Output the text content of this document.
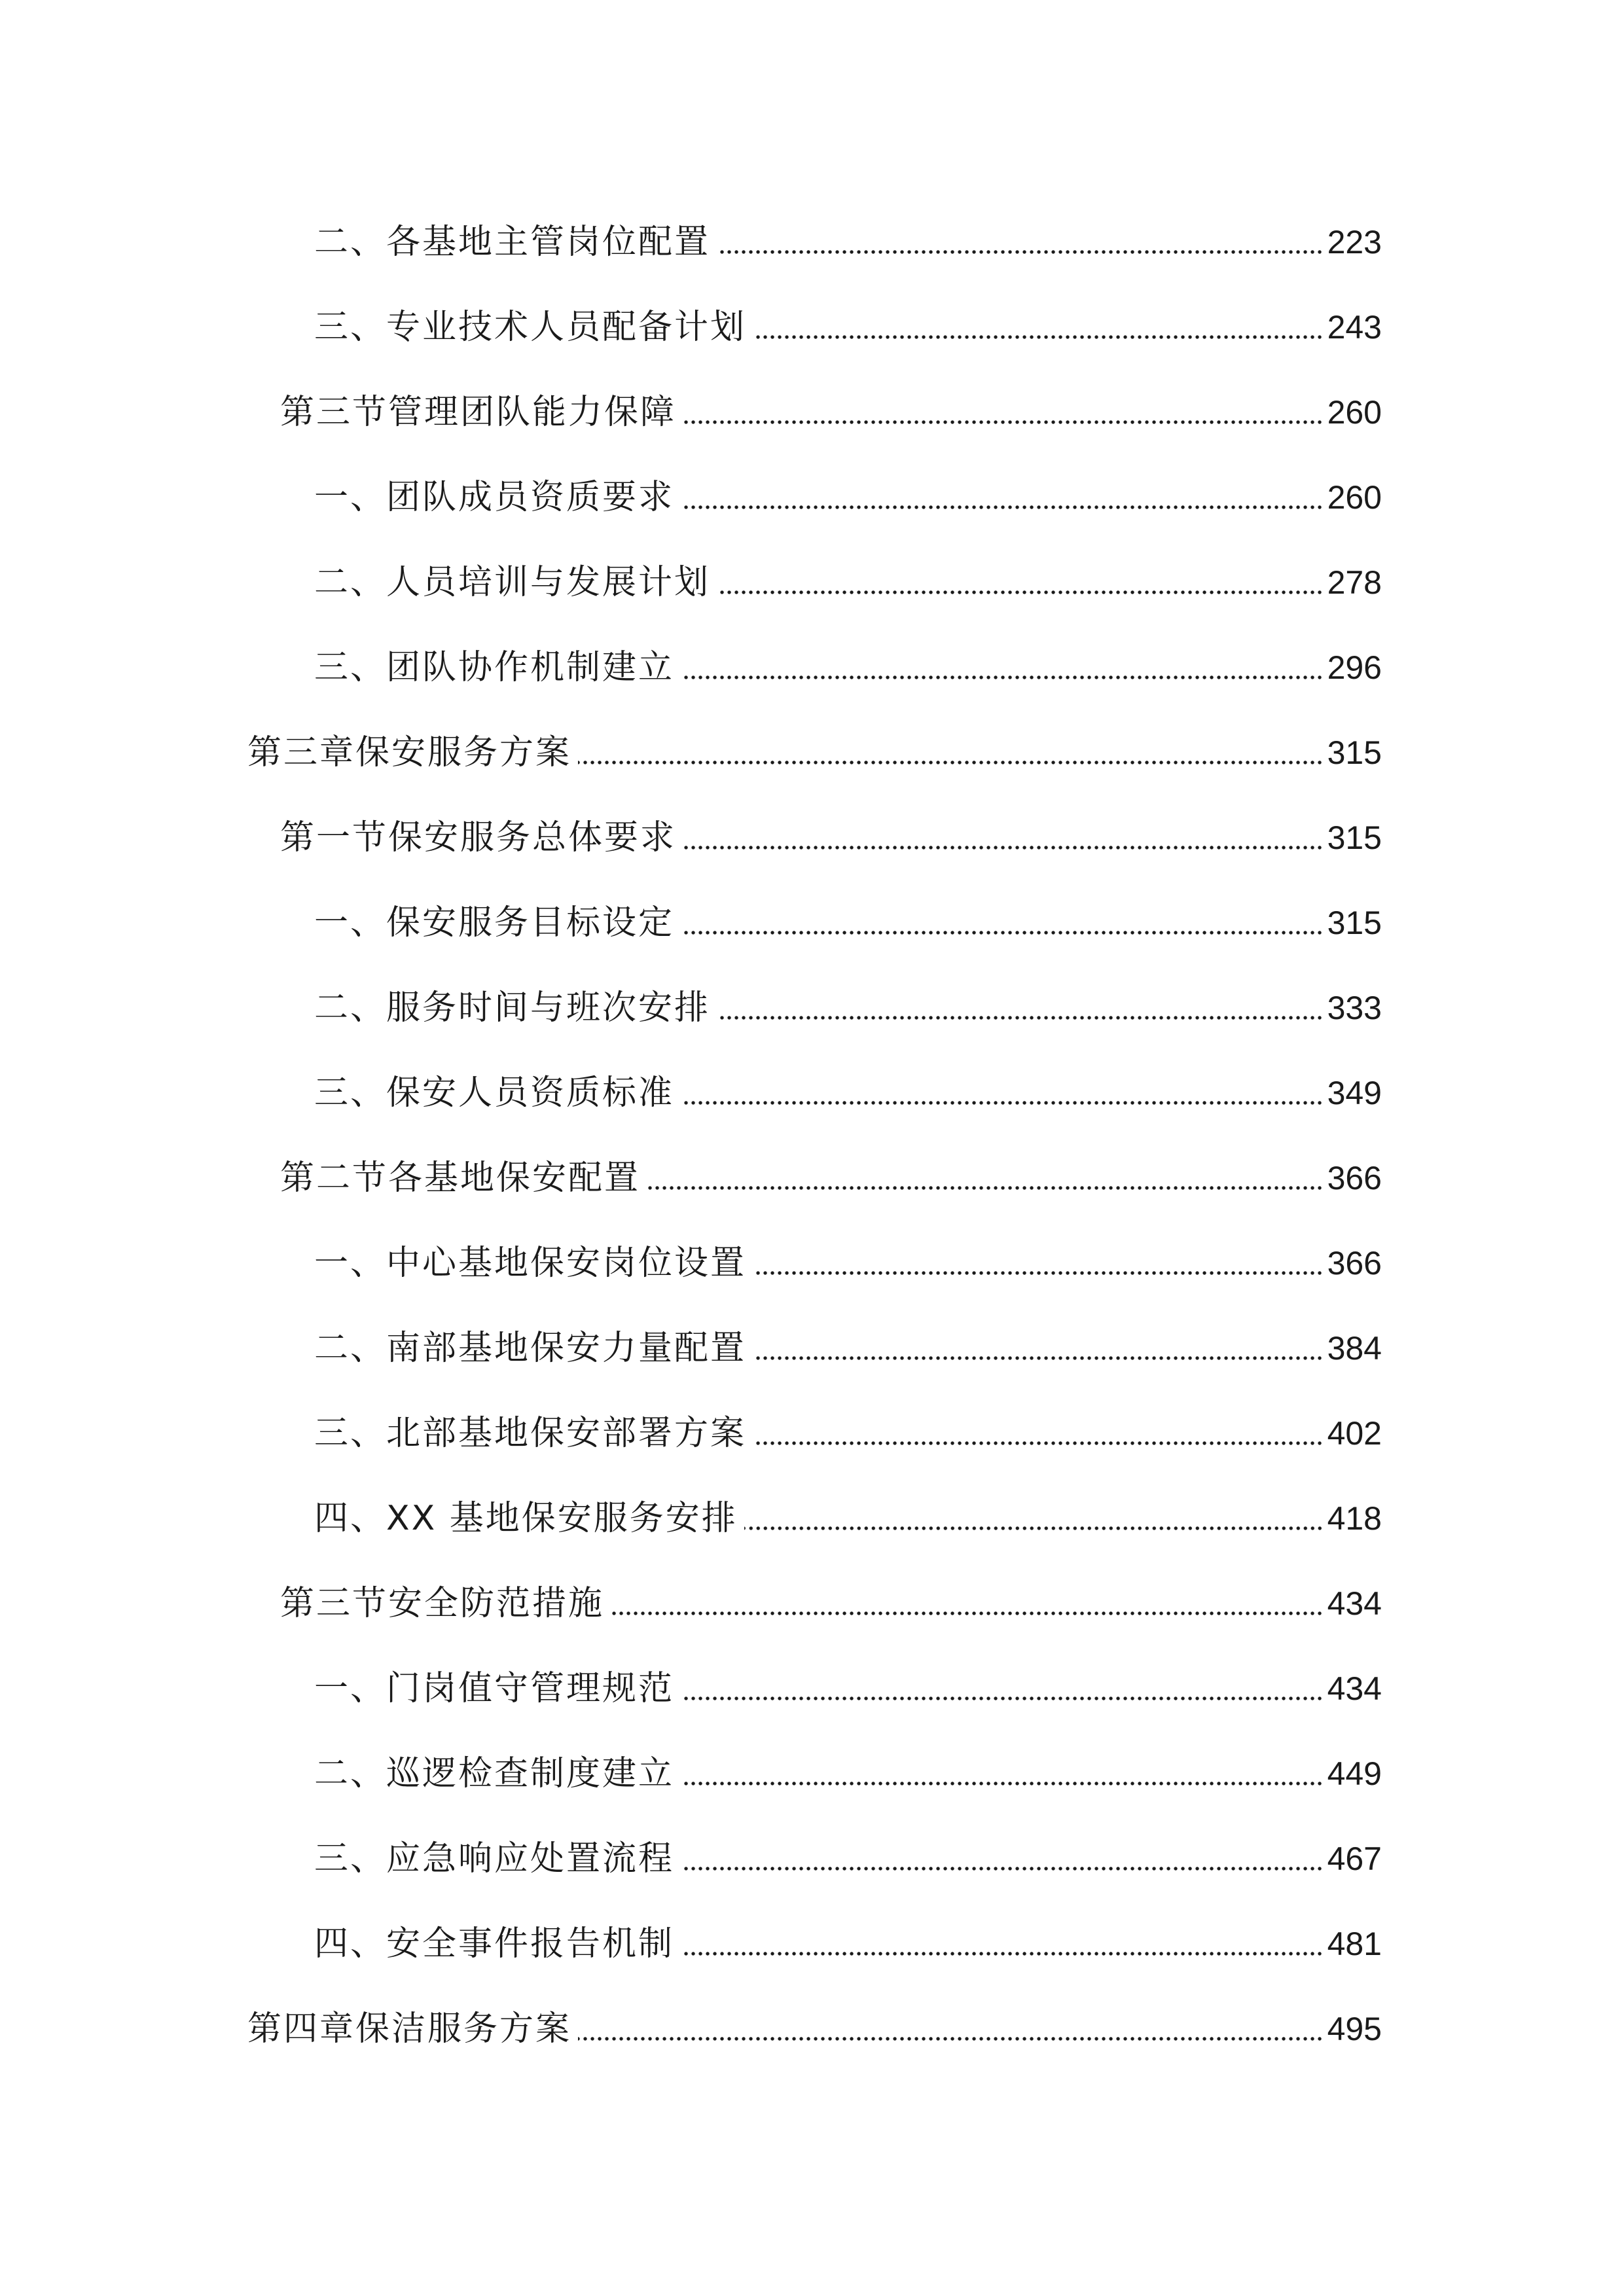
二、各基地主管岗位配置	223
三、专业技术人员配备计划	243
第三节管理团队能力保障	260
一、团队成员资质要求	260
二、人员培训与发展计划	278
三、团队协作机制建立	296
第三章保安服务方案	315
第一节保安服务总体要求	315
一、保安服务目标设定	315
二、服务时间与班次安排	333
三、保安人员资质标准	349
第二节各基地保安配置	366
一、中心基地保安岗位设置	366
二、南部基地保安力量配置	384
三、北部基地保安部署方案	402
四、XX 基地保安服务安排	418
第三节安全防范措施	434
一、门岗值守管理规范	434
二、巡逻检查制度建立	449
三、应急响应处置流程	467
四、安全事件报告机制	481
第四章保洁服务方案	495
